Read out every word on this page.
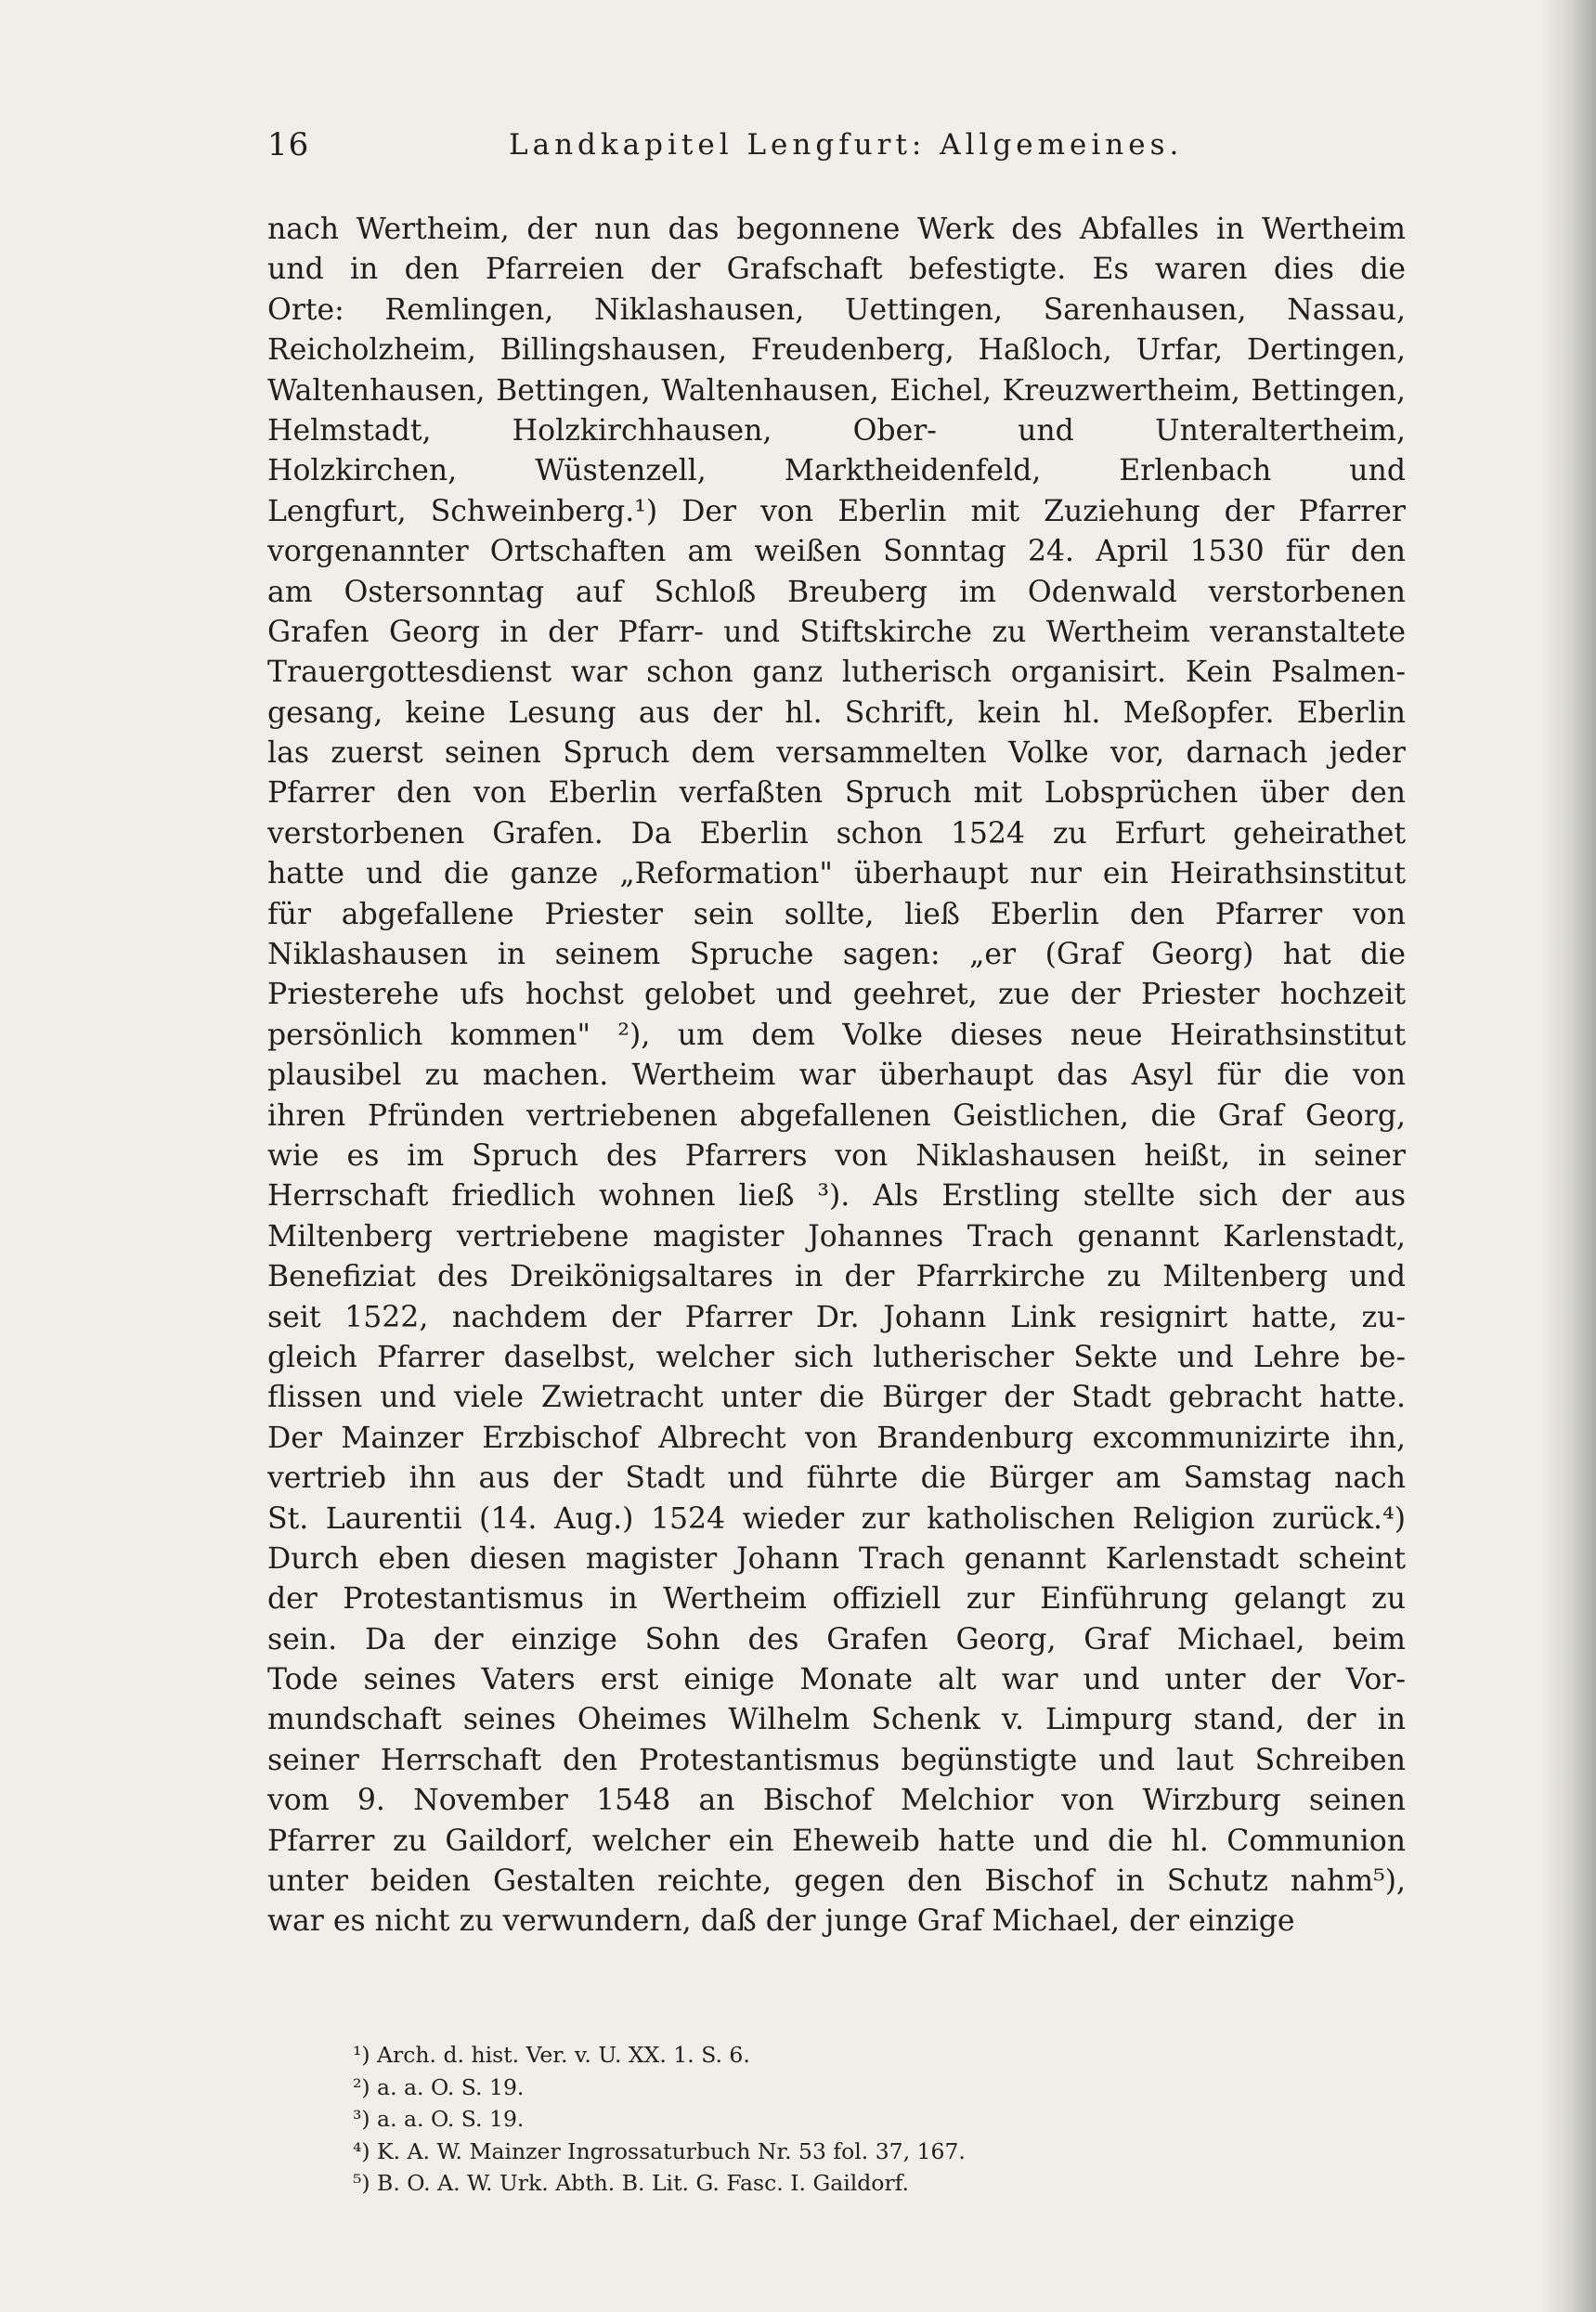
16	Landkapitel Lengfurt: Allgemeines.
nach Wertheim, der nun das begonnene Werk des Abfalles in Wertheim
und in den Pfarreien der Grafschaft befestigte. Es waren dies die
Orte: Remlingen, Niklashausen, Uettingen, Sarenhausen, Nassau,
Reicholzheim, Billingshausen, Freudenberg, Haßloch, Urfar, Dertingen,
Waltenhausen, Bettingen, Waltenhausen, Eichel, Kreuzwertheim, Bettingen,
Helmstadt, Holzkirchhausen, Ober- und Unteraltertheim,
Holzkirchen, Wüstenzell, Marktheidenfeld, Erlenbach und
Lengfurt, Schweinberg.¹) Der von Eberlin mit Zuziehung der Pfarrer
vorgenannter Ortschaften am weißen Sonntag 24. April 1530 für den
am Ostersonntag auf Schloß Breuberg im Odenwald verstorbenen
Grafen Georg in der Pfarr- und Stiftskirche zu Wertheim veranstaltete
Trauergottesdienst war schon ganz lutherisch organisirt. Kein Psalmen-
gesang, keine Lesung aus der hl. Schrift, kein hl. Meßopfer. Eberlin
las zuerst seinen Spruch dem versammelten Volke vor, darnach jeder
Pfarrer den von Eberlin verfaßten Spruch mit Lobsprüchen über den
verstorbenen Grafen. Da Eberlin schon 1524 zu Erfurt geheirathet
hatte und die ganze „Reformation" überhaupt nur ein Heirathsinstitut
für abgefallene Priester sein sollte, ließ Eberlin den Pfarrer von
Niklashausen in seinem Spruche sagen: „er (Graf Georg) hat die
Priesterehe ufs hochst gelobet und geehret, zue der Priester hochzeit
persönlich kommen" ²), um dem Volke dieses neue Heirathsinstitut
plausibel zu machen. Wertheim war überhaupt das Asyl für die von
ihren Pfründen vertriebenen abgefallenen Geistlichen, die Graf Georg,
wie es im Spruch des Pfarrers von Niklashausen heißt, in seiner
Herrschaft friedlich wohnen ließ ³). Als Erstling stellte sich der aus
Miltenberg vertriebene magister Johannes Trach genannt Karlenstadt,
Benefiziat des Dreikönigsaltares in der Pfarrkirche zu Miltenberg und
seit 1522, nachdem der Pfarrer Dr. Johann Link resignirt hatte, zu-
gleich Pfarrer daselbst, welcher sich lutherischer Sekte und Lehre be-
flissen und viele Zwietracht unter die Bürger der Stadt gebracht hatte.
Der Mainzer Erzbischof Albrecht von Brandenburg excommunizirte ihn,
vertrieb ihn aus der Stadt und führte die Bürger am Samstag nach
St. Laurentii (14. Aug.) 1524 wieder zur katholischen Religion zurück.⁴)
Durch eben diesen magister Johann Trach genannt Karlenstadt scheint
der Protestantismus in Wertheim offiziell zur Einführung gelangt zu
sein. Da der einzige Sohn des Grafen Georg, Graf Michael, beim
Tode seines Vaters erst einige Monate alt war und unter der Vor-
mundschaft seines Oheimes Wilhelm Schenk v. Limpurg stand, der in
seiner Herrschaft den Protestantismus begünstigte und laut Schreiben
vom 9. November 1548 an Bischof Melchior von Wirzburg seinen
Pfarrer zu Gaildorf, welcher ein Eheweib hatte und die hl. Communion
unter beiden Gestalten reichte, gegen den Bischof in Schutz nahm⁵),
war es nicht zu verwundern, daß der junge Graf Michael, der einzige
¹) Arch. d. hist. Ver. v. U. XX. 1. S. 6.
²) a. a. O. S. 19.
³) a. a. O. S. 19.
⁴) K. A. W. Mainzer Ingrossaturbuch Nr. 53 fol. 37, 167.
⁵) B. O. A. W. Urk. Abth. B. Lit. G. Fasc. I. Gaildorf.
